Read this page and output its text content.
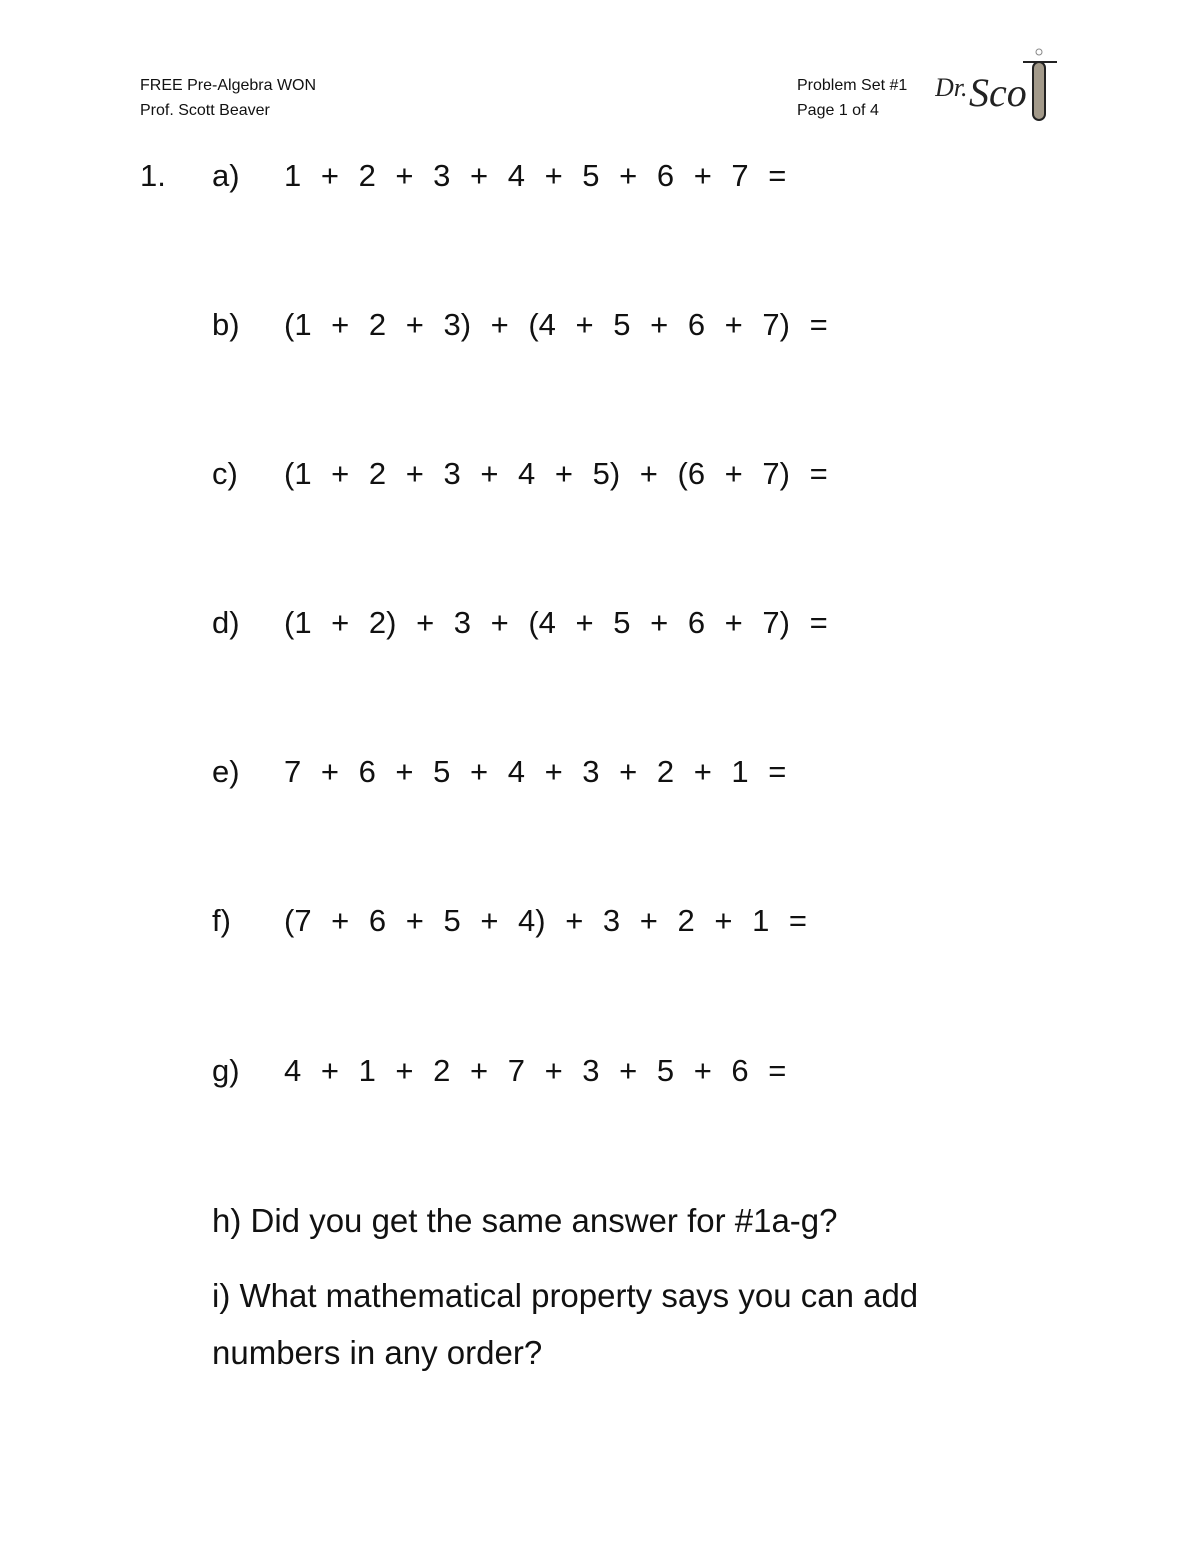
FREE Pre-Algebra WON
Prof. Scott Beaver
Problem Set #1
Page 1 of 4
Dr. Sco
1. a) 1 + 2 + 3 + 4 + 5 + 6 + 7 =
b) (1 + 2 + 3) + (4 + 5 + 6 + 7) =
c) (1 + 2 + 3 + 4 + 5) + (6 + 7) =
d) (1 + 2) + 3 + (4 + 5 + 6 + 7) =
e) 7 + 6 + 5 + 4 + 3 + 2 + 1 =
f) (7 + 6 + 5 + 4) + 3 + 2 + 1 =
g) 4 + 1 + 2 + 7 + 3 + 5 + 6 =
h) Did you get the same answer for #1a-g?
i) What mathematical property says you can add numbers in any order?
